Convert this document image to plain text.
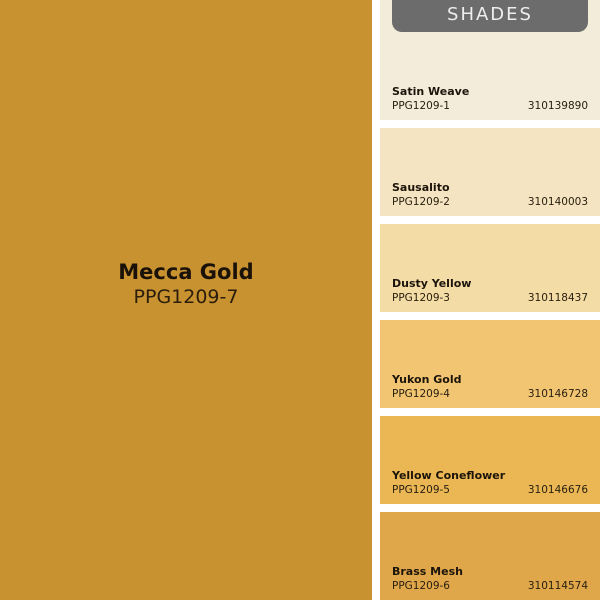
Mecca Gold
PPG1209-7
Satin Weave
PPG1209-1	310139890
Sausalito
PPG1209-2	310140003
Dusty Yellow
PPG1209-3	310118437
Yukon Gold
PPG1209-4	310146728
Yellow Coneflower
PPG1209-5	310146676
Brass Mesh
PPG1209-6	310114574
SHADES
